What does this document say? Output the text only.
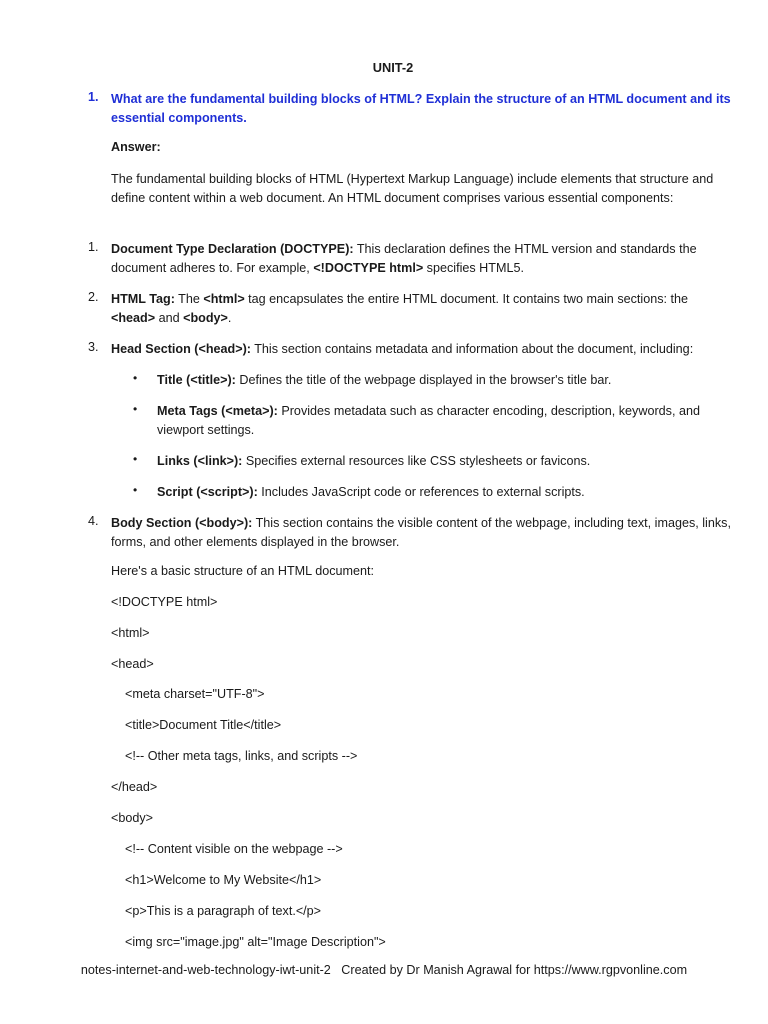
UNIT-2
1. What are the fundamental building blocks of HTML? Explain the structure of an HTML document and its essential components.
Answer:
The fundamental building blocks of HTML (Hypertext Markup Language) include elements that structure and define content within a web document. An HTML document comprises various essential components:
1. Document Type Declaration (DOCTYPE): This declaration defines the HTML version and standards the document adheres to. For example, <!DOCTYPE html> specifies HTML5.
2. HTML Tag: The <html> tag encapsulates the entire HTML document. It contains two main sections: the <head> and <body>.
3. Head Section (<head>): This section contains metadata and information about the document, including:
• Title (<title>): Defines the title of the webpage displayed in the browser's title bar.
• Meta Tags (<meta>): Provides metadata such as character encoding, description, keywords, and viewport settings.
• Links (<link>): Specifies external resources like CSS stylesheets or favicons.
• Script (<script>): Includes JavaScript code or references to external scripts.
4. Body Section (<body>): This section contains the visible content of the webpage, including text, images, links, forms, and other elements displayed in the browser.
Here's a basic structure of an HTML document:
<!DOCTYPE html>
<html>
<head>
<meta charset="UTF-8">
<title>Document Title</title>
<!-- Other meta tags, links, and scripts -->
</head>
<body>
<!-- Content visible on the webpage -->
<h1>Welcome to My Website</h1>
<p>This is a paragraph of text.</p>
<img src="image.jpg" alt="Image Description">
notes-internet-and-web-technology-iwt-unit-2   Created by Dr Manish Agrawal for https://www.rgpvonline.com
